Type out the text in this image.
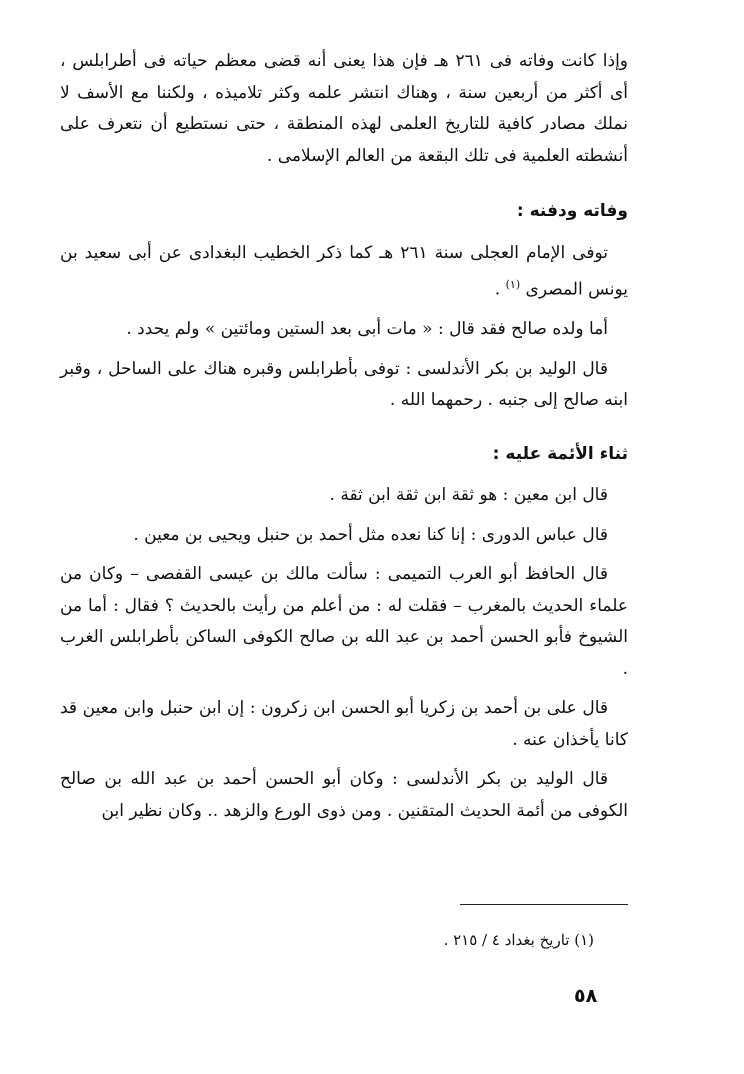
وإذا كانت وفاته فى ٢٦١ هـ فإن هذا يعنى أنه قضى معظم حياته فى أطرابلس ، أى أكثر من أربعين سنة ، وهناك انتشر علمه وكثر تلاميذه ، ولكننا مع الأسف لا نملك مصادر كافية للتاريخ العلمى لهذه المنطقة ، حتى نستطيع أن نتعرف على أنشطته العلمية فى تلك البقعة من العالم الإسلامى .

وفاته ودفنه :

توفى الإمام العجلى سنة ٢٦١ هـ كما ذكر الخطيب البغدادى عن أبى سعيد بن يونس المصرى $^{(١)}$ .

أما ولده صالح فقد قال : « مات أبى بعد الستين ومائتين » ولم يحدد .

قال الوليد بن بكر الأندلسى : توفى بأطرابلس وقبره هناك على الساحل ، وقبر ابنه صالح إلى جنبه . رحمهما الله .

ثناء الأئمة عليه :

قال ابن معين : هو ثقة ابن ثقة ابن ثقة .

قال عباس الدورى : إنا كنا نعده مثل أحمد بن حنبل ويحيى بن معين .

قال الحافظ أبو العرب التميمى : سألت مالك بن عيسى القفصى – وكان من علماء الحديث بالمغرب – فقلت له : من أعلم من رأيت بالحديث ؟ فقال : أما من الشيوخ فأبو الحسن أحمد بن عبد الله بن صالح الكوفى الساكن بأطرابلس الغرب .

قال على بن أحمد بن زكريا أبو الحسن ابن زكرون : إن ابن حنبل وابن معين قد كانا يأخذان عنه .

قال الوليد بن بكر الأندلسى : وكان أبو الحسن أحمد بن عبد الله بن صالح الكوفى من أئمة الحديث المتقنين . ومن ذوى الورع والزهد .. وكان نظير ابن

(١) تاريخ بغداد ٤ / ٢١٥ .
٥٨
